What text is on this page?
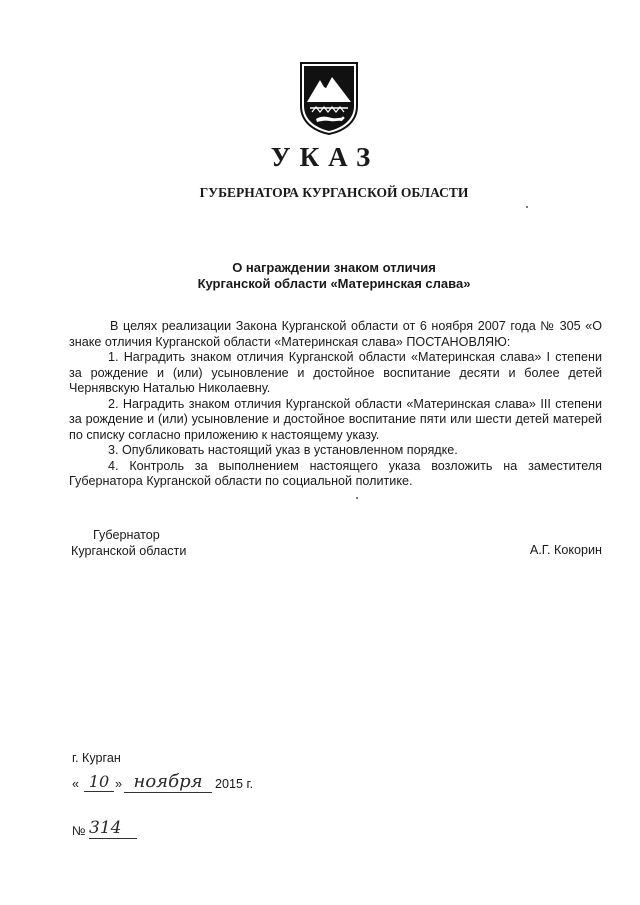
УКАЗ
ГУБЕРНАТОРА КУРГАНСКОЙ ОБЛАСТИ
О награждении знаком отличия
Курганской области «Материнская слава»

В целях реализации Закона Курганской области от 6 ноября 2007 года № 305 «О знаке отличия Курганской области «Материнская слава» ПОСТАНОВЛЯЮ:

1. Наградить знаком отличия Курганской области «Материнская слава» I степени за рождение и (или) усыновление и достойное воспитание десяти и более детей Чернявскую Наталью Николаевну.

2. Наградить знаком отличия Курганской области «Материнская слава» III степени за рождение и (или) усыновление и достойное воспитание пяти или шести детей матерей по списку согласно приложению к настоящему указу.

3. Опубликовать настоящий указ в установленном порядке.

4. Контроль за выполнением настоящего указа возложить на заместителя Губернатора Курганской области по социальной политике.

Губернатор
Курганской области	А.Г. Кокорин
г. Курган
« 10 » ноября 2015 г.
№ 314
